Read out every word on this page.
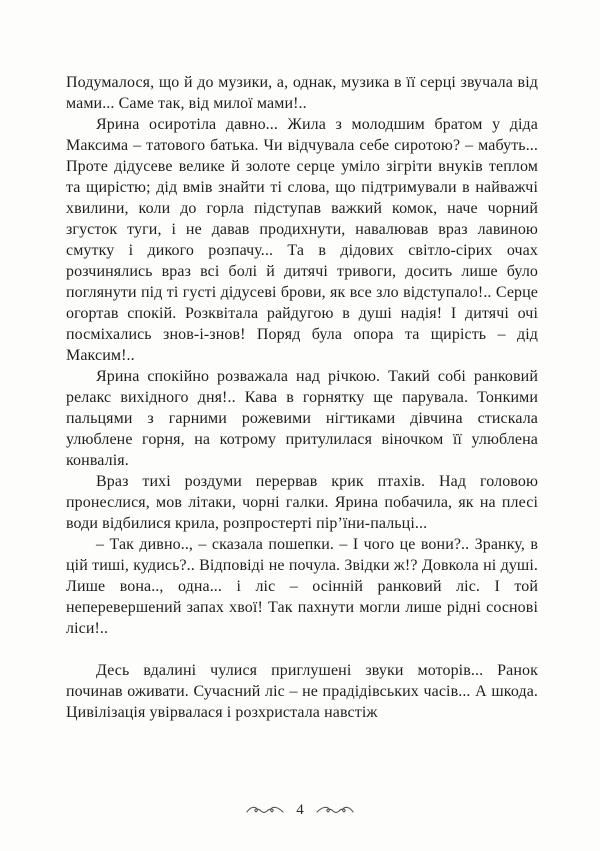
Подумалося, що й до музики, а, однак, музика в її серці звучала від мами... Саме так, від милої мами!..

Ярина осиротіла давно... Жила з молодшим братом у діда Максима – татового батька. Чи відчувала себе сиротою? – мабуть... Проте дідусеве велике й золоте серце уміло зігріти внуків теплом та щирістю; дід вмів знайти ті слова, що підтримували в найважчі хвилини, коли до горла підступав важкий комок, наче чорний згусток туги, і не давав продихнути, навалював враз лавиною смутку і дикого розпачу... Та в дідових світло-сірих очах розчинялись враз всі болі й дитячі тривоги, досить лише було поглянути під ті густі дідусеві брови, як все зло відступало!.. Серце огортав спокій. Розквітала райдугою в душі надія! І дитячі очі посміхались знов-і-знов! Поряд була опора та щирість – дід Максим!..

Ярина спокійно розважала над річкою. Такий собі ранковий релакс вихідного дня!.. Кава в горнятку ще парувала. Тонкими пальцями з гарними рожевими нігтиками дівчина стискала улюблене горня, на котрому притулилася віночком її улюблена конвалія.

Враз тихі роздуми перервав крик птахів. Над головою пронеслися, мов літаки, чорні галки. Ярина побачила, як на плесі води відбилися крила, розпростерті пір’їни-пальці...

– Так дивно.., – сказала пошепки. – І чого це вони?.. Зранку, в цій тиші, кудись?.. Відповіді не почула. Звідки ж!? Довкола ні душі. Лише вона.., одна... і ліс – осінній ранковий ліс. І той неперевершений запах хвої! Так пахнути могли лише рідні соснові ліси!..

Десь вдалині чулися приглушені звуки моторів... Ранок починав оживати. Сучасний ліс – не прадідівських часів... А шкода. Цивілізація увірвалася і розхристала навстіж

4
